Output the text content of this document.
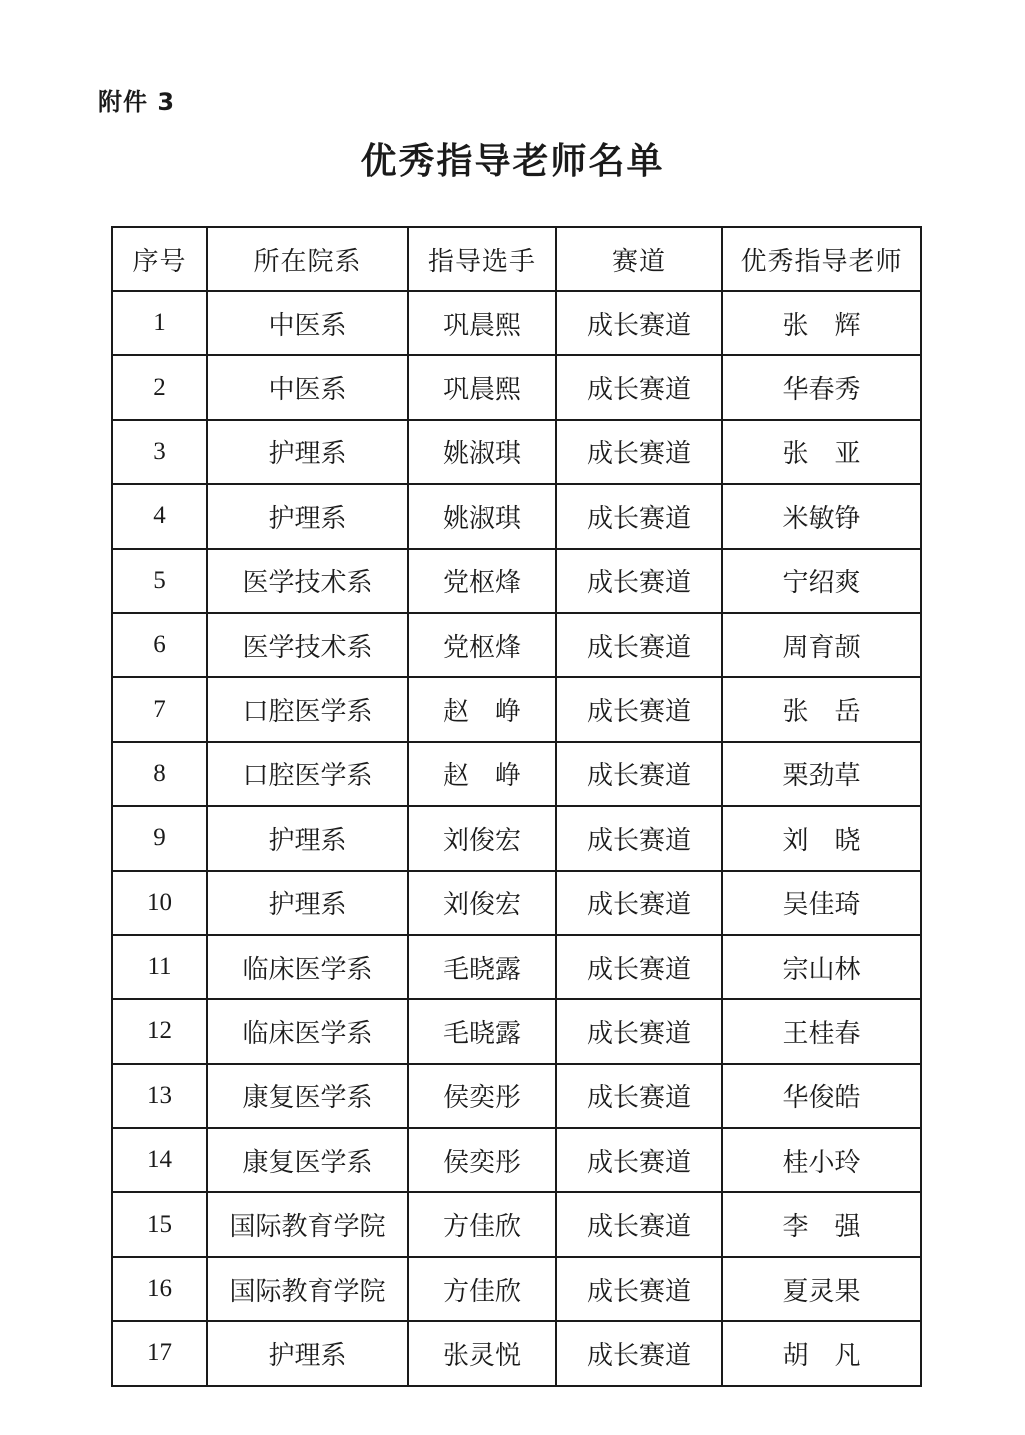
附件 3
优秀指导老师名单
序号	所在院系	指导选手	赛道	优秀指导老师
1	中医系	巩晨熙	成长赛道	张　辉
2	中医系	巩晨熙	成长赛道	华春秀
3	护理系	姚淑琪	成长赛道	张　亚
4	护理系	姚淑琪	成长赛道	米敏铮
5	医学技术系	党枢烽	成长赛道	宁绍爽
6	医学技术系	党枢烽	成长赛道	周育颉
7	口腔医学系	赵　峥	成长赛道	张　岳
8	口腔医学系	赵　峥	成长赛道	栗劲草
9	护理系	刘俊宏	成长赛道	刘　晓
10	护理系	刘俊宏	成长赛道	吴佳琦
11	临床医学系	毛晓露	成长赛道	宗山林
12	临床医学系	毛晓露	成长赛道	王桂春
13	康复医学系	侯奕彤	成长赛道	华俊皓
14	康复医学系	侯奕彤	成长赛道	桂小玲
15	国际教育学院	方佳欣	成长赛道	李　强
16	国际教育学院	方佳欣	成长赛道	夏灵果
17	护理系	张灵悦	成长赛道	胡　凡
